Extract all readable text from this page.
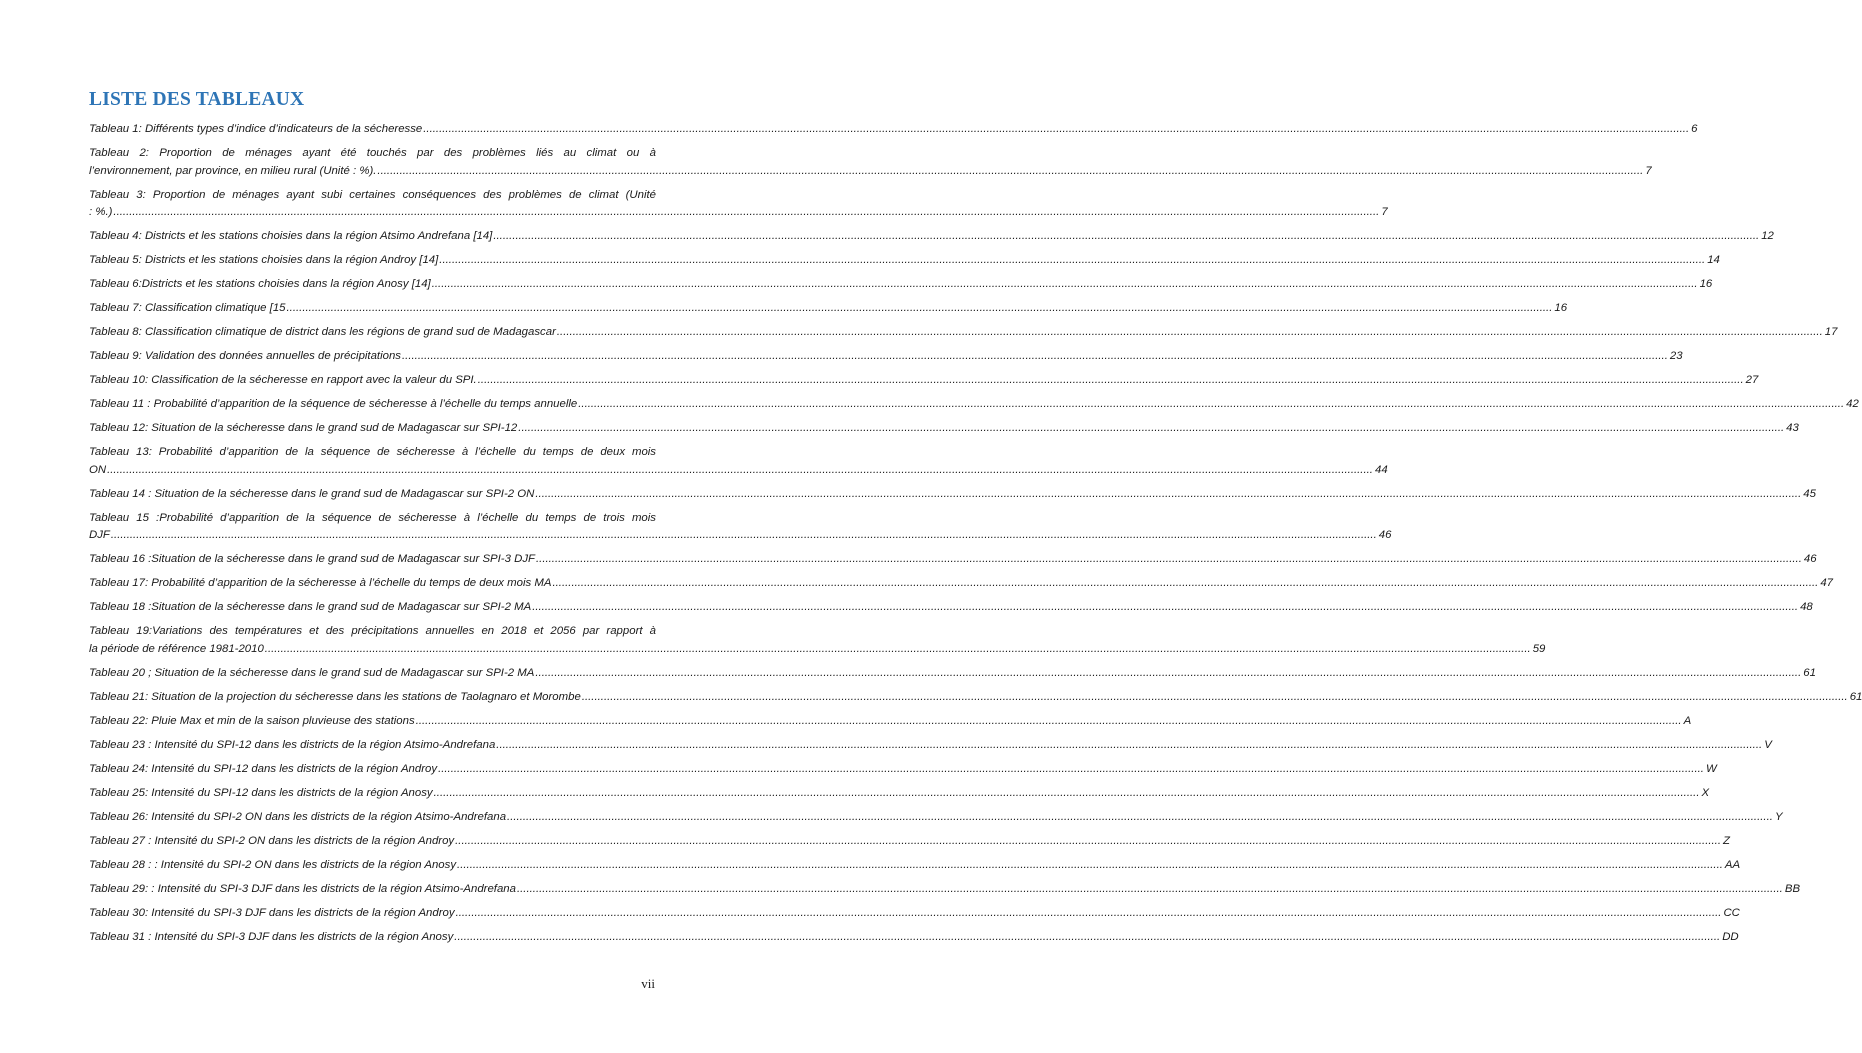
LISTE DES TABLEAUX
Tableau 1: Différents types d’indice d’indicateurs de la sécheresse ................................................................................................................................................................................................................................................................................................................................................................................................................ 6
Tableau 2: Proportion de ménages ayant été touchés par des problèmes liés au climat ou à
l’environnement, par province, en milieu rural (Unité : %). ................................................................................................................................................................................................................................................................................................................................................................................................................ 7
Tableau 3: Proportion de ménages ayant subi certaines conséquences des problèmes de climat (Unité
: %.) ................................................................................................................................................................................................................................................................................................................................................................................................................ 7
Tableau 4: Districts et les stations choisies dans la région Atsimo Andrefana [14] ................................................................................................................................................................................................................................................................................................................................................................................................................ 12
Tableau 5: Districts et les stations choisies dans la région Androy [14] ................................................................................................................................................................................................................................................................................................................................................................................................................ 14
Tableau 6:Districts et les stations choisies dans la région Anosy [14] ................................................................................................................................................................................................................................................................................................................................................................................................................ 16
Tableau 7: Classification climatique [15 ................................................................................................................................................................................................................................................................................................................................................................................................................ 16
Tableau 8: Classification climatique de district dans les régions de grand sud de Madagascar ................................................................................................................................................................................................................................................................................................................................................................................................................ 17
Tableau 9: Validation des données annuelles de précipitations ................................................................................................................................................................................................................................................................................................................................................................................................................ 23
Tableau 10: Classification de la sécheresse en rapport avec la valeur du SPI. ................................................................................................................................................................................................................................................................................................................................................................................................................ 27
Tableau 11 : Probabilité d’apparition de la séquence de sécheresse à l’échelle du temps annuelle ................................................................................................................................................................................................................................................................................................................................................................................................................ 42
Tableau 12: Situation de la sécheresse dans le grand sud de Madagascar sur SPI-12 ................................................................................................................................................................................................................................................................................................................................................................................................................ 43
Tableau 13: Probabilité d’apparition de la séquence de sécheresse à l’échelle du temps de deux mois
ON ................................................................................................................................................................................................................................................................................................................................................................................................................ 44
Tableau 14 : Situation de la sécheresse dans le grand sud de Madagascar sur SPI-2 ON ................................................................................................................................................................................................................................................................................................................................................................................................................ 45
Tableau 15 :Probabilité d’apparition de la séquence de sécheresse à l’échelle du temps de trois mois
DJF ................................................................................................................................................................................................................................................................................................................................................................................................................ 46
Tableau 16 :Situation de la sécheresse dans le grand sud de Madagascar sur SPI-3 DJF ................................................................................................................................................................................................................................................................................................................................................................................................................ 46
Tableau 17: Probabilité d’apparition de la sécheresse à l’échelle du temps de deux mois MA ................................................................................................................................................................................................................................................................................................................................................................................................................ 47
Tableau 18 :Situation de la sécheresse dans le grand sud de Madagascar sur SPI-2 MA ................................................................................................................................................................................................................................................................................................................................................................................................................ 48
Tableau 19:Variations des températures et des précipitations annuelles en 2018 et 2056 par rapport à
la période de référence 1981-2010 ................................................................................................................................................................................................................................................................................................................................................................................................................ 59
Tableau 20 ; Situation de la sécheresse dans le grand sud de Madagascar sur SPI-2 MA ................................................................................................................................................................................................................................................................................................................................................................................................................ 61
Tableau 21: Situation de la projection du sécheresse dans les stations de Taolagnaro et Morombe ................................................................................................................................................................................................................................................................................................................................................................................................................ 61
Tableau 22: Pluie Max et min de la saison pluvieuse des stations ................................................................................................................................................................................................................................................................................................................................................................................................................ A
Tableau 23 : Intensité du SPI-12 dans les districts de la région Atsimo-Andrefana ................................................................................................................................................................................................................................................................................................................................................................................................................ V
Tableau 24: Intensité du SPI-12 dans les districts de la région Androy ................................................................................................................................................................................................................................................................................................................................................................................................................ W
Tableau 25: Intensité du SPI-12 dans les districts de la région Anosy ................................................................................................................................................................................................................................................................................................................................................................................................................ X
Tableau 26: Intensité du SPI-2 ON dans les districts de la région Atsimo-Andrefana ................................................................................................................................................................................................................................................................................................................................................................................................................ Y
Tableau 27 : Intensité du SPI-2 ON dans les districts de la région Androy ................................................................................................................................................................................................................................................................................................................................................................................................................ Z
Tableau 28 : : Intensité du SPI-2 ON dans les districts de la région Anosy ................................................................................................................................................................................................................................................................................................................................................................................................................ AA
Tableau 29: : Intensité du SPI-3 DJF dans les districts de la région Atsimo-Andrefana ................................................................................................................................................................................................................................................................................................................................................................................................................ BB
Tableau 30: Intensité du SPI-3 DJF dans les districts de la région Androy ................................................................................................................................................................................................................................................................................................................................................................................................................ CC
Tableau 31 : Intensité du SPI-3 DJF dans les districts de la région Anosy ................................................................................................................................................................................................................................................................................................................................................................................................................ DD
vii
